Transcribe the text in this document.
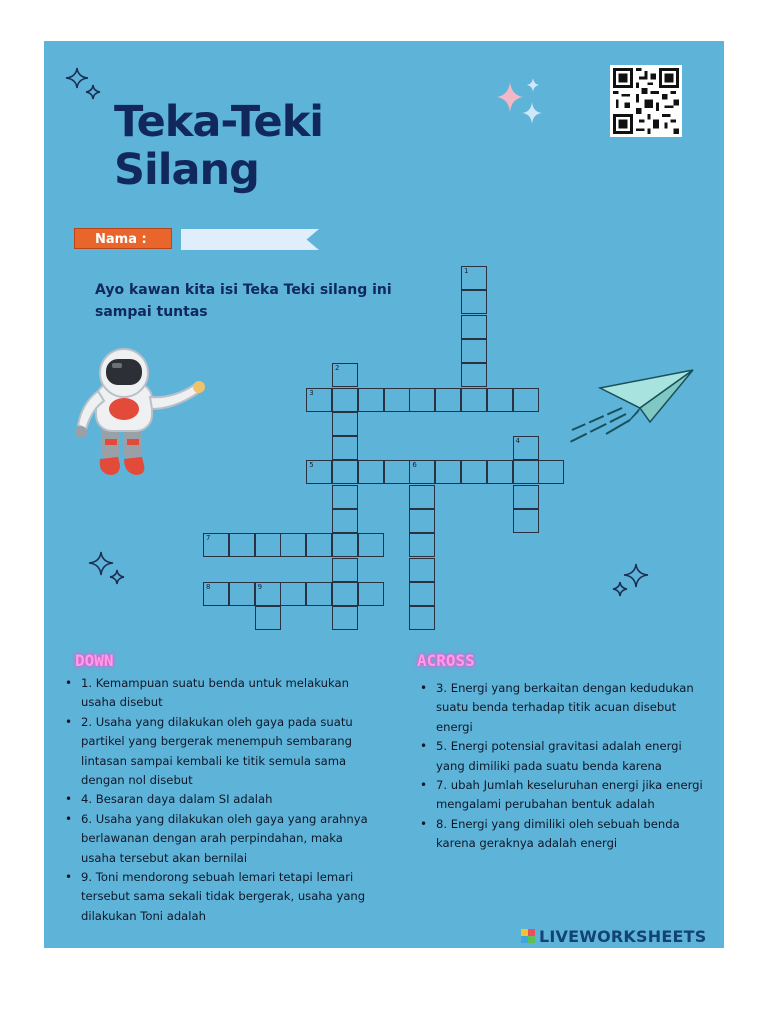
Teka-Teki
Silang
Nama :
Ayo kawan kita isi Teka Teki silang ini
sampai tuntas
1
2
3
4
5	6
7
8	9
DOWN
• 1. Kemampuan suatu benda untuk melakukan usaha disebut
• 2. Usaha yang dilakukan oleh gaya pada suatu partikel yang bergerak menempuh sembarang lintasan sampai kembali ke titik semula sama dengan nol disebut
• 4. Besaran daya dalam SI adalah
• 6. Usaha yang dilakukan oleh gaya yang arahnya berlawanan dengan arah perpindahan, maka usaha tersebut akan bernilai
• 9. Toni mendorong sebuah lemari tetapi lemari tersebut sama sekali tidak bergerak, usaha yang dilakukan Toni adalah
ACROSS
• 3. Energi yang berkaitan dengan kedudukan suatu benda terhadap titik acuan disebut energi
• 5. Energi potensial gravitasi adalah energi yang dimiliki pada suatu benda karena
• 7. ubah Jumlah keseluruhan energi jika energi mengalami perubahan bentuk adalah
• 8. Energi yang dimiliki oleh sebuah benda karena geraknya adalah energi
LIVEWORKSHEETS
